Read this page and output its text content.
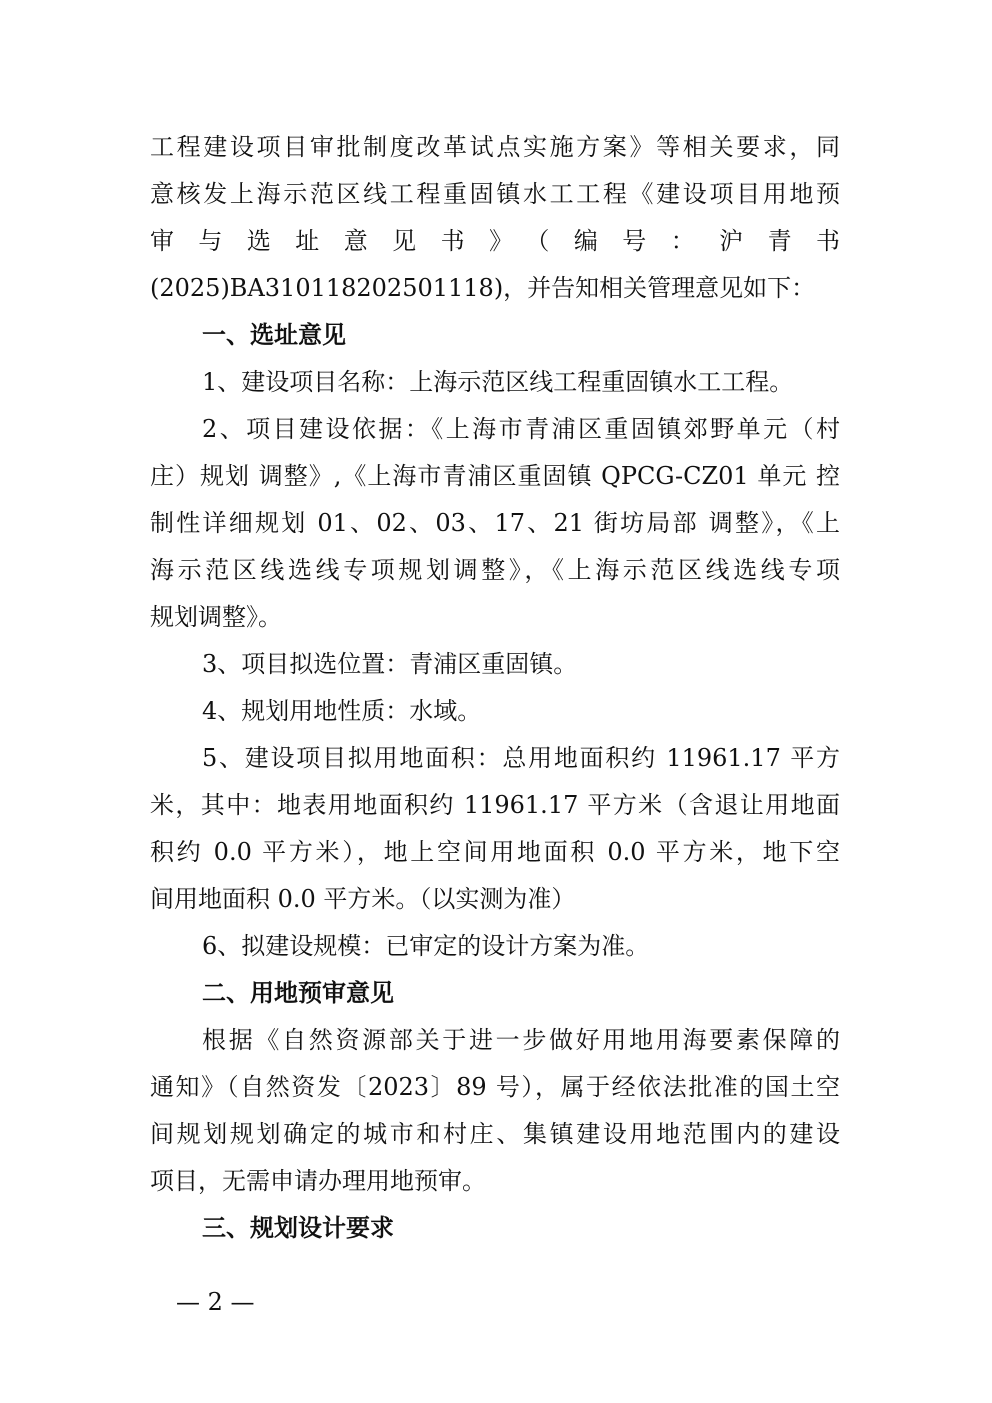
工程建设项目审批制度改革试点实施方案》等相关要求，同
意核发上海示范区线工程重固镇水工工程《建设项目用地预
审与选址意见书》（编号：沪青书
(2025)BA310118202501118)，并告知相关管理意见如下：
一、选址意见
1、建设项目名称：上海示范区线工程重固镇水工工程。
2、项目建设依据：《上海市青浦区重固镇郊野单元（村
庄）规划 调整》,《上海市青浦区重固镇 QPCG-CZ01 单元 控
制性详细规划 01、02、03、17、21 街坊局部 调整》，《上
海示范区线选线专项规划调整》，《上海示范区线选线专项
规划调整》。
3、项目拟选位置：青浦区重固镇。
4、规划用地性质：水域。
5、建设项目拟用地面积：总用地面积约 11961.17 平方
米，其中：地表用地面积约 11961.17 平方米（含退让用地面
积约 0.0 平方米），地上空间用地面积 0.0 平方米，地下空
间用地面积 0.0 平方米。（以实测为准）
6、拟建设规模：已审定的设计方案为准。
二、用地预审意见
根据《自然资源部关于进一步做好用地用海要素保障的
通知》（自然资发〔2023〕89 号），属于经依法批准的国土空
间规划规划确定的城市和村庄、集镇建设用地范围内的建设
项目，无需申请办理用地预审。
三、规划设计要求
— 2 —
